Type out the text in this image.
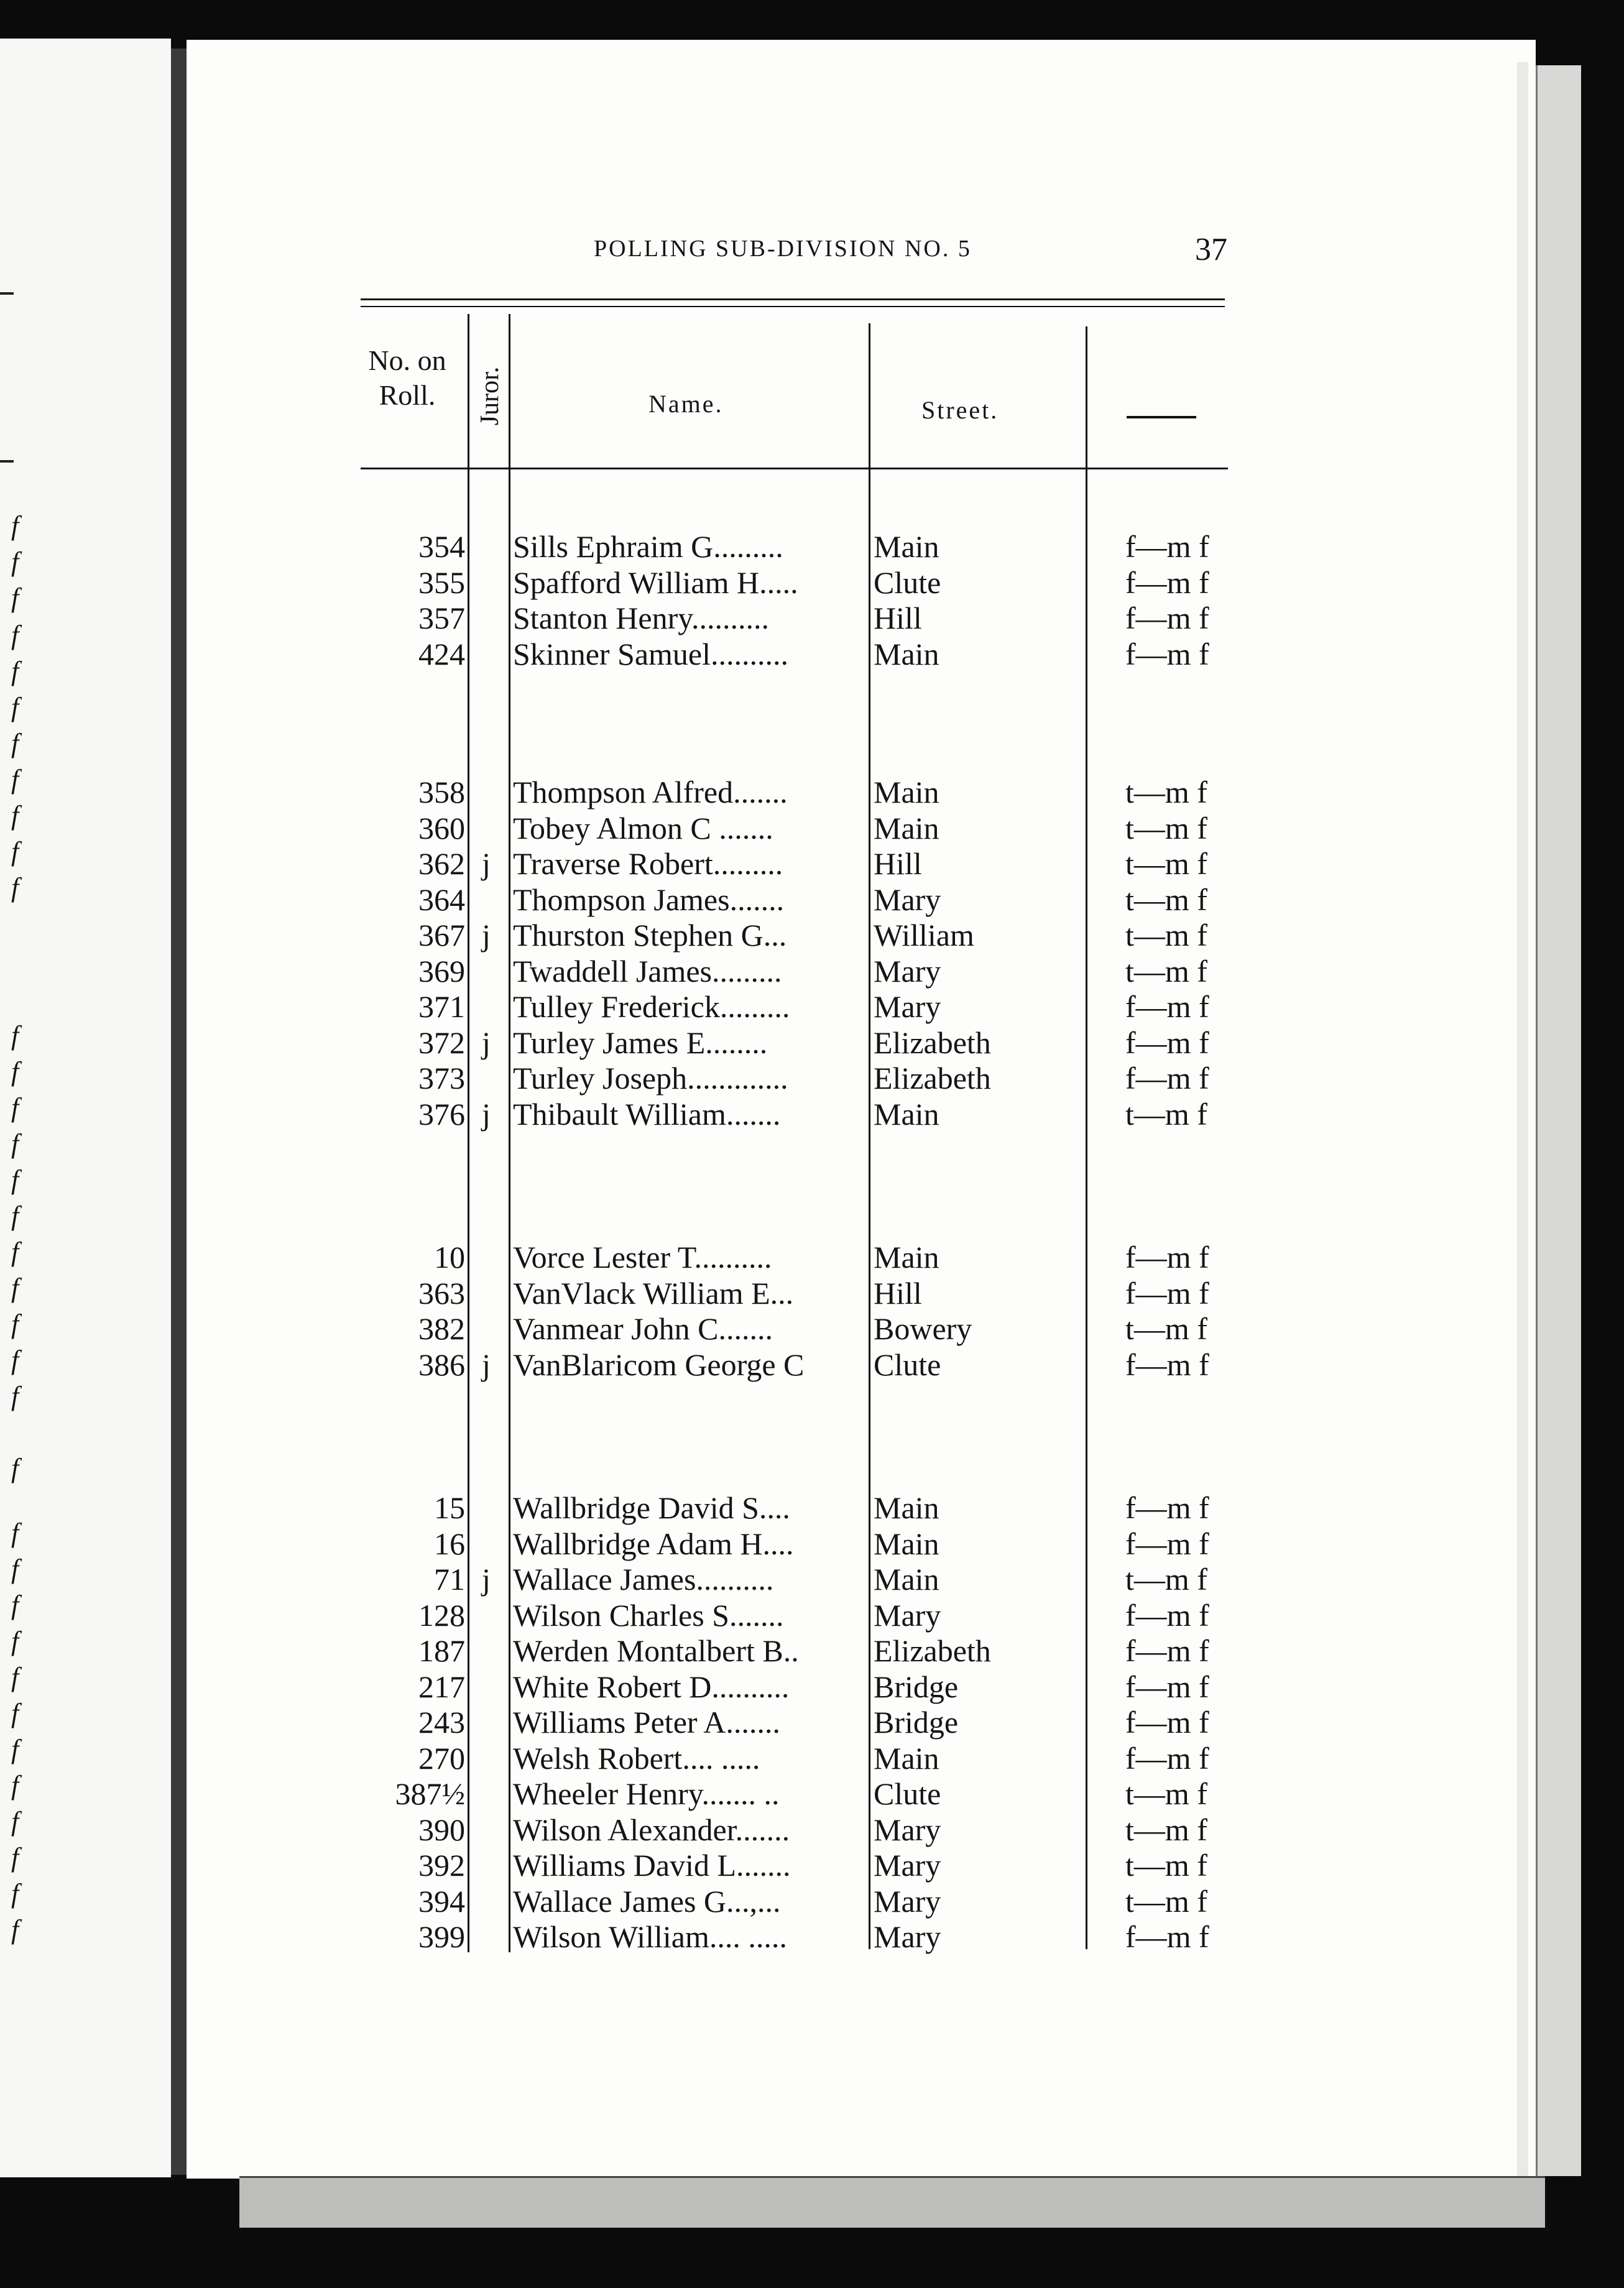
f
f
f
f
f
f
f
f
f
f
f
f
f
f
f
f
f
f
f
f
f
f
f
f
f
f
f
f
f
f
f
f
f
f
f
POLLING SUB-DIVISION NO. 5	37
No. on
Roll.	Juror.	Name.	Street.
354 Sills Ephraim G.........	Main	f—m f
355 Spafford William H.....	Clute	f—m f
357 Stanton Henry..........	Hill	f—m f
424 Skinner Samuel..........	Main	f—m f
358 Thompson Alfred.......	Main	t—m f
360 Tobey Almon C .......	Main	t—m f
362 j Traverse Robert.........	Hill	t—m f
364 Thompson James.......	Mary	t—m f
367 j Thurston Stephen G...	William	t—m f
369 Twaddell James.........	Mary	t—m f
371 Tulley Frederick.........	Mary	f—m f
372 j Turley James E........	Elizabeth	f—m f
373 Turley Joseph.............	Elizabeth	f—m f
376 j Thibault William.......	Main	t—m f
10 Vorce Lester T..........	Main	f—m f
363 VanVlack William E...	Hill	f—m f
382 Vanmear John C.......	Bowery	t—m f
386 j VanBlaricom George C	Clute	f—m f
15 Wallbridge David S....	Main	f—m f
16 Wallbridge Adam H....	Main	f—m f
71 j Wallace James..........	Main	t—m f
128 Wilson Charles S.......	Mary	f—m f
187 Werden Montalbert B..	Elizabeth	f—m f
217 White Robert D..........	Bridge	f—m f
243 Williams Peter A.......	Bridge	f—m f
270 Welsh Robert.... .....	Main	f—m f
387½ Wheeler Henry....... ..	Clute	t—m f
390 Wilson Alexander.......	Mary	t—m f
392 Williams David L.......	Mary	t—m f
394 Wallace James G...,...	Mary	t—m f
399 Wilson William.... .....	Mary	f—m f
